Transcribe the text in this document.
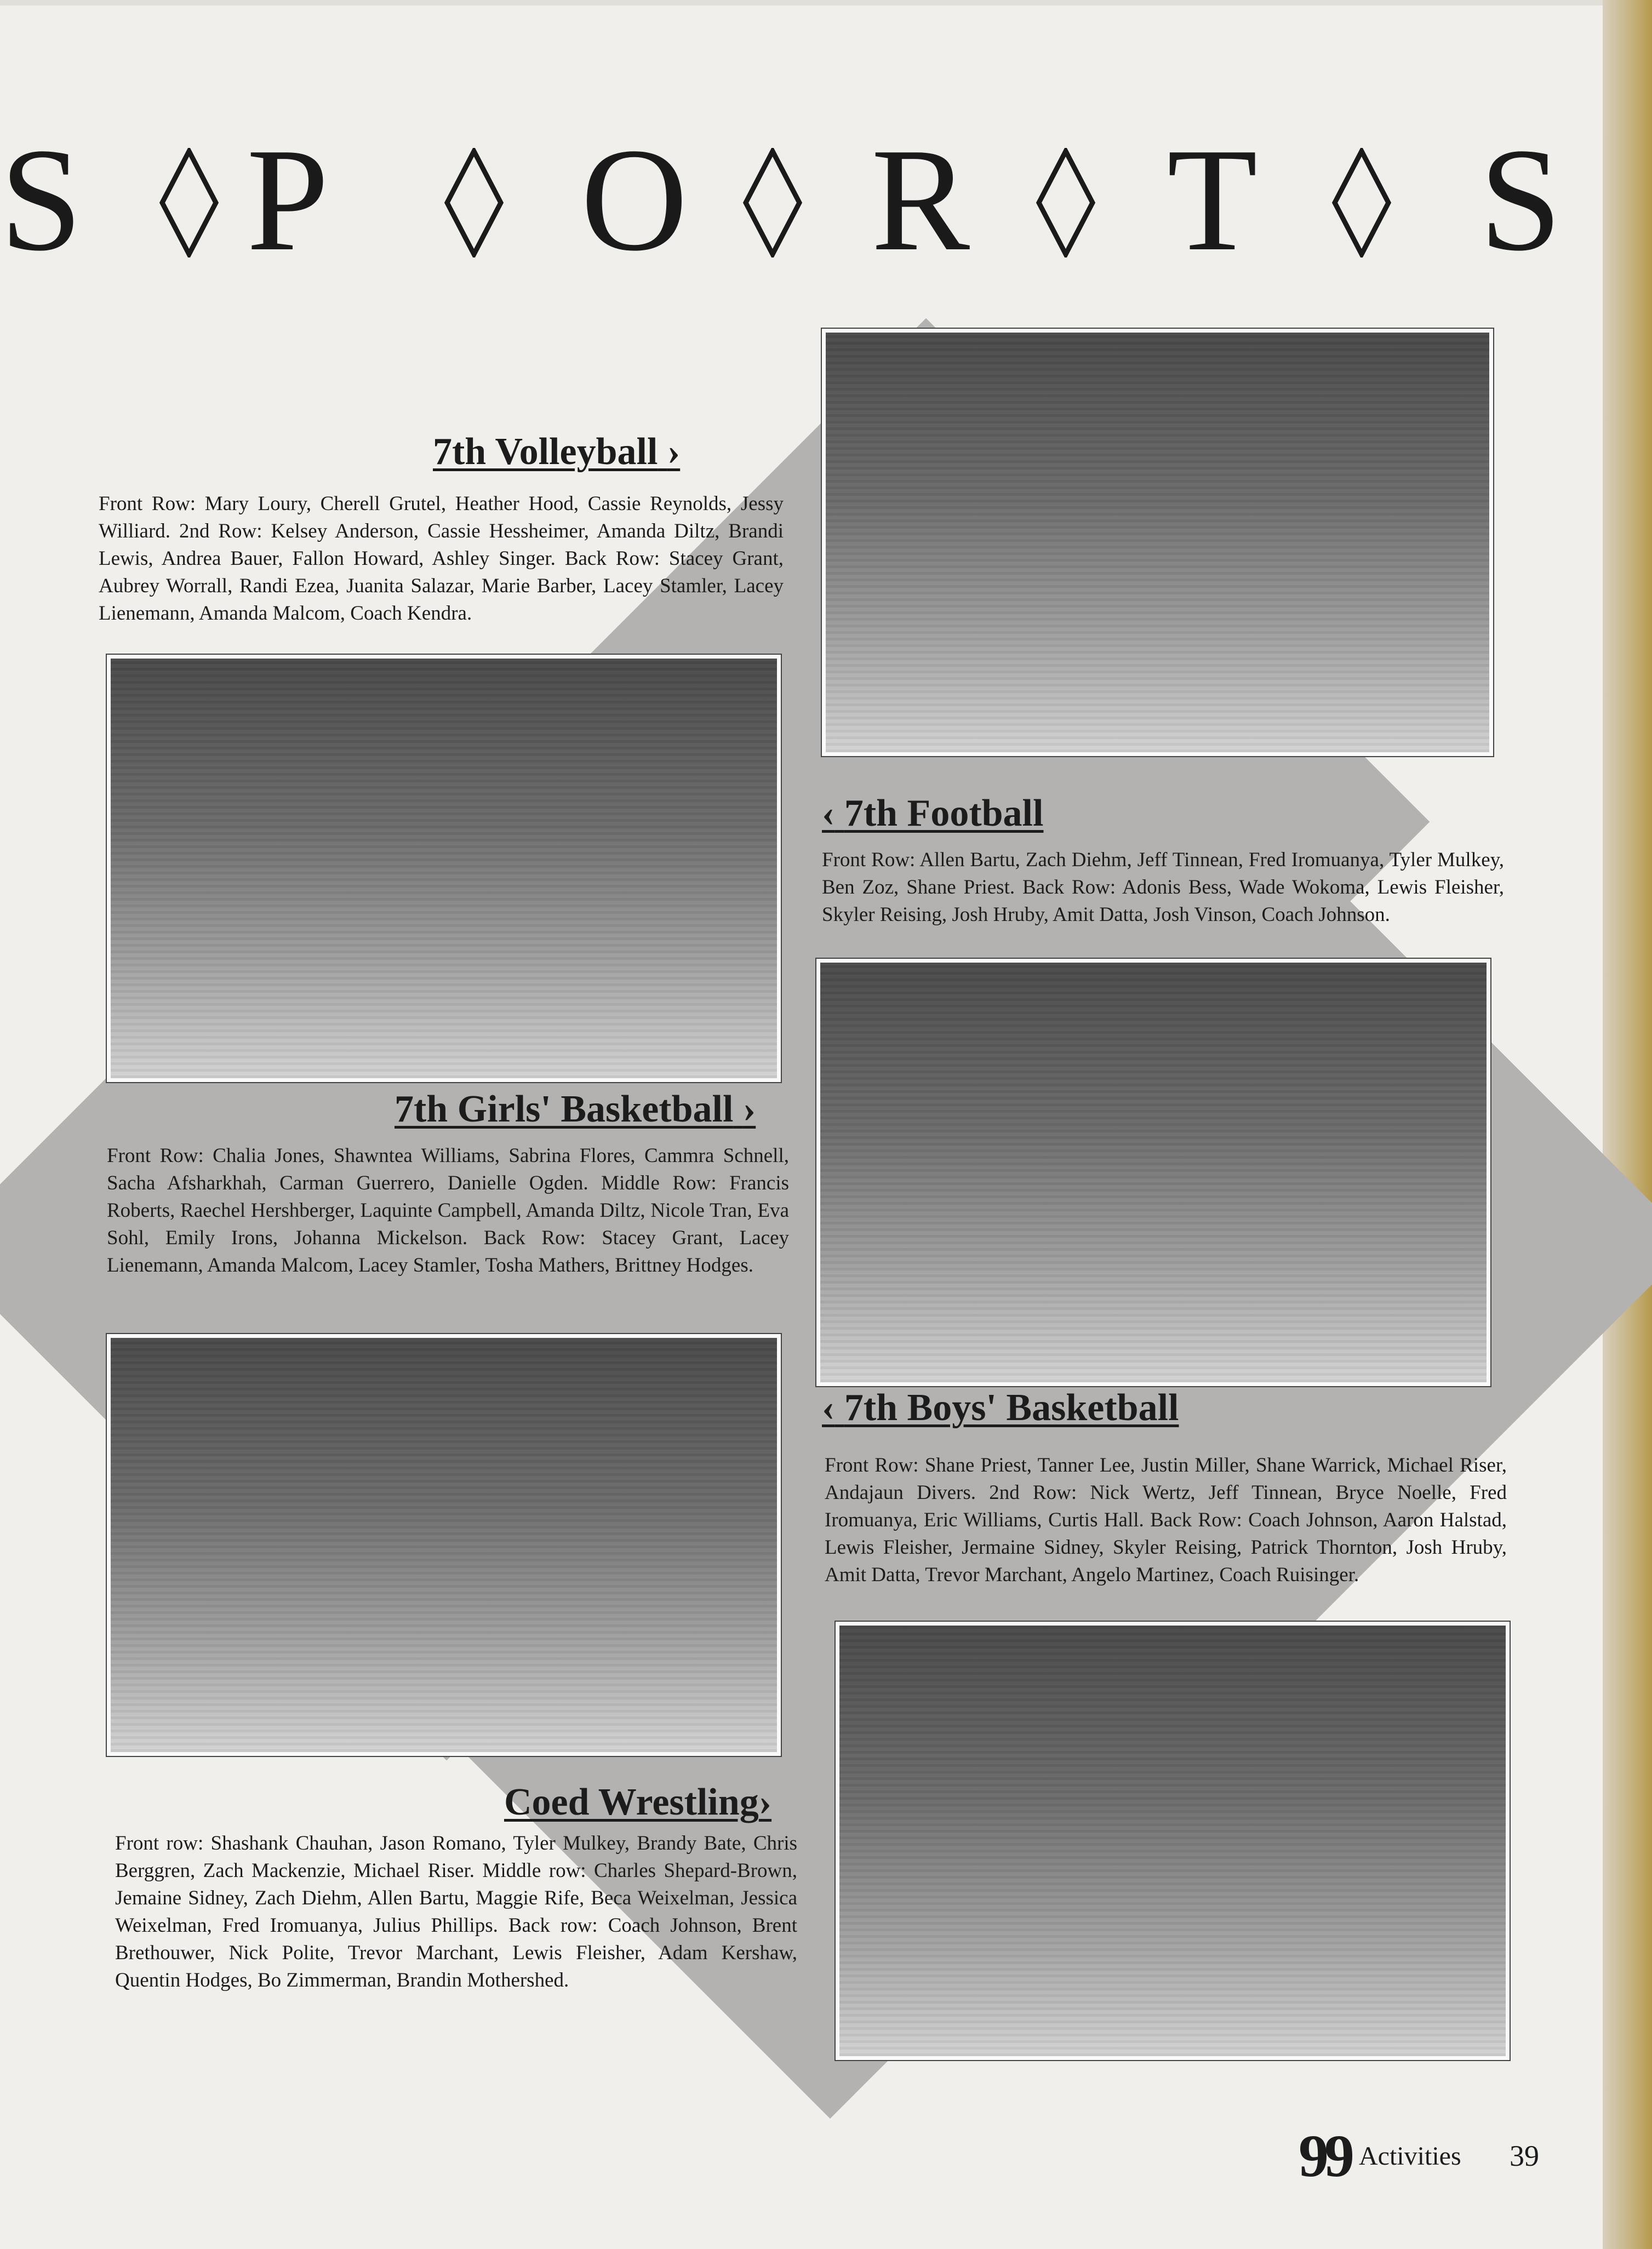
S P O R T S
7th Volleyball ›
Front Row: Mary Loury, Cherell Grutel, Heather Hood, Cassie Reynolds, Jessy Williard. 2nd Row: Kelsey Anderson, Cassie Hessheimer, Amanda Diltz, Brandi Lewis, Andrea Bauer, Fallon Howard, Ashley Singer. Back Row: Stacey Grant, Aubrey Worrall, Randi Ezea, Juanita Salazar, Marie Barber, Lacey Stamler, Lacey Lienemann, Amanda Malcom, Coach Kendra.
‹ 7th Football
Front Row: Allen Bartu, Zach Diehm, Jeff Tinnean, Fred Iromuanya, Tyler Mulkey, Ben Zoz, Shane Priest. Back Row: Adonis Bess, Wade Wokoma, Lewis Fleisher, Skyler Reising, Josh Hruby, Amit Datta, Josh Vinson, Coach Johnson.
7th Girls' Basketball ›
Front Row: Chalia Jones, Shawntea Williams, Sabrina Flores, Cammra Schnell, Sacha Afsharkhah, Carman Guerrero, Danielle Ogden. Middle Row: Francis Roberts, Raechel Hershberger, Laquinte Campbell, Amanda Diltz, Nicole Tran, Eva Sohl, Emily Irons, Johanna Mickelson. Back Row: Stacey Grant, Lacey Lienemann, Amanda Malcom, Lacey Stamler, Tosha Mathers, Brittney Hodges.
‹ 7th Boys' Basketball
Front Row: Shane Priest, Tanner Lee, Justin Miller, Shane Warrick, Michael Riser, Andajaun Divers. 2nd Row: Nick Wertz, Jeff Tinnean, Bryce Noelle, Fred Iromuanya, Eric Williams, Curtis Hall. Back Row: Coach Johnson, Aaron Halstad, Lewis Fleisher, Jermaine Sidney, Skyler Reising, Patrick Thornton, Josh Hruby, Amit Datta, Trevor Marchant, Angelo Martinez, Coach Ruisinger.
Coed Wrestling›
Front row: Shashank Chauhan, Jason Romano, Tyler Mulkey, Brandy Bate, Chris Berggren, Zach Mackenzie, Michael Riser. Middle row: Charles Shepard-Brown, Jemaine Sidney, Zach Diehm, Allen Bartu, Maggie Rife, Beca Weixelman, Jessica Weixelman, Fred Iromuanya, Julius Phillips. Back row: Coach Johnson, Brent Brethouwer, Nick Polite, Trevor Marchant, Lewis Fleisher, Adam Kershaw, Quentin Hodges, Bo Zimmerman, Brandin Mothershed.
99 Activities 39
